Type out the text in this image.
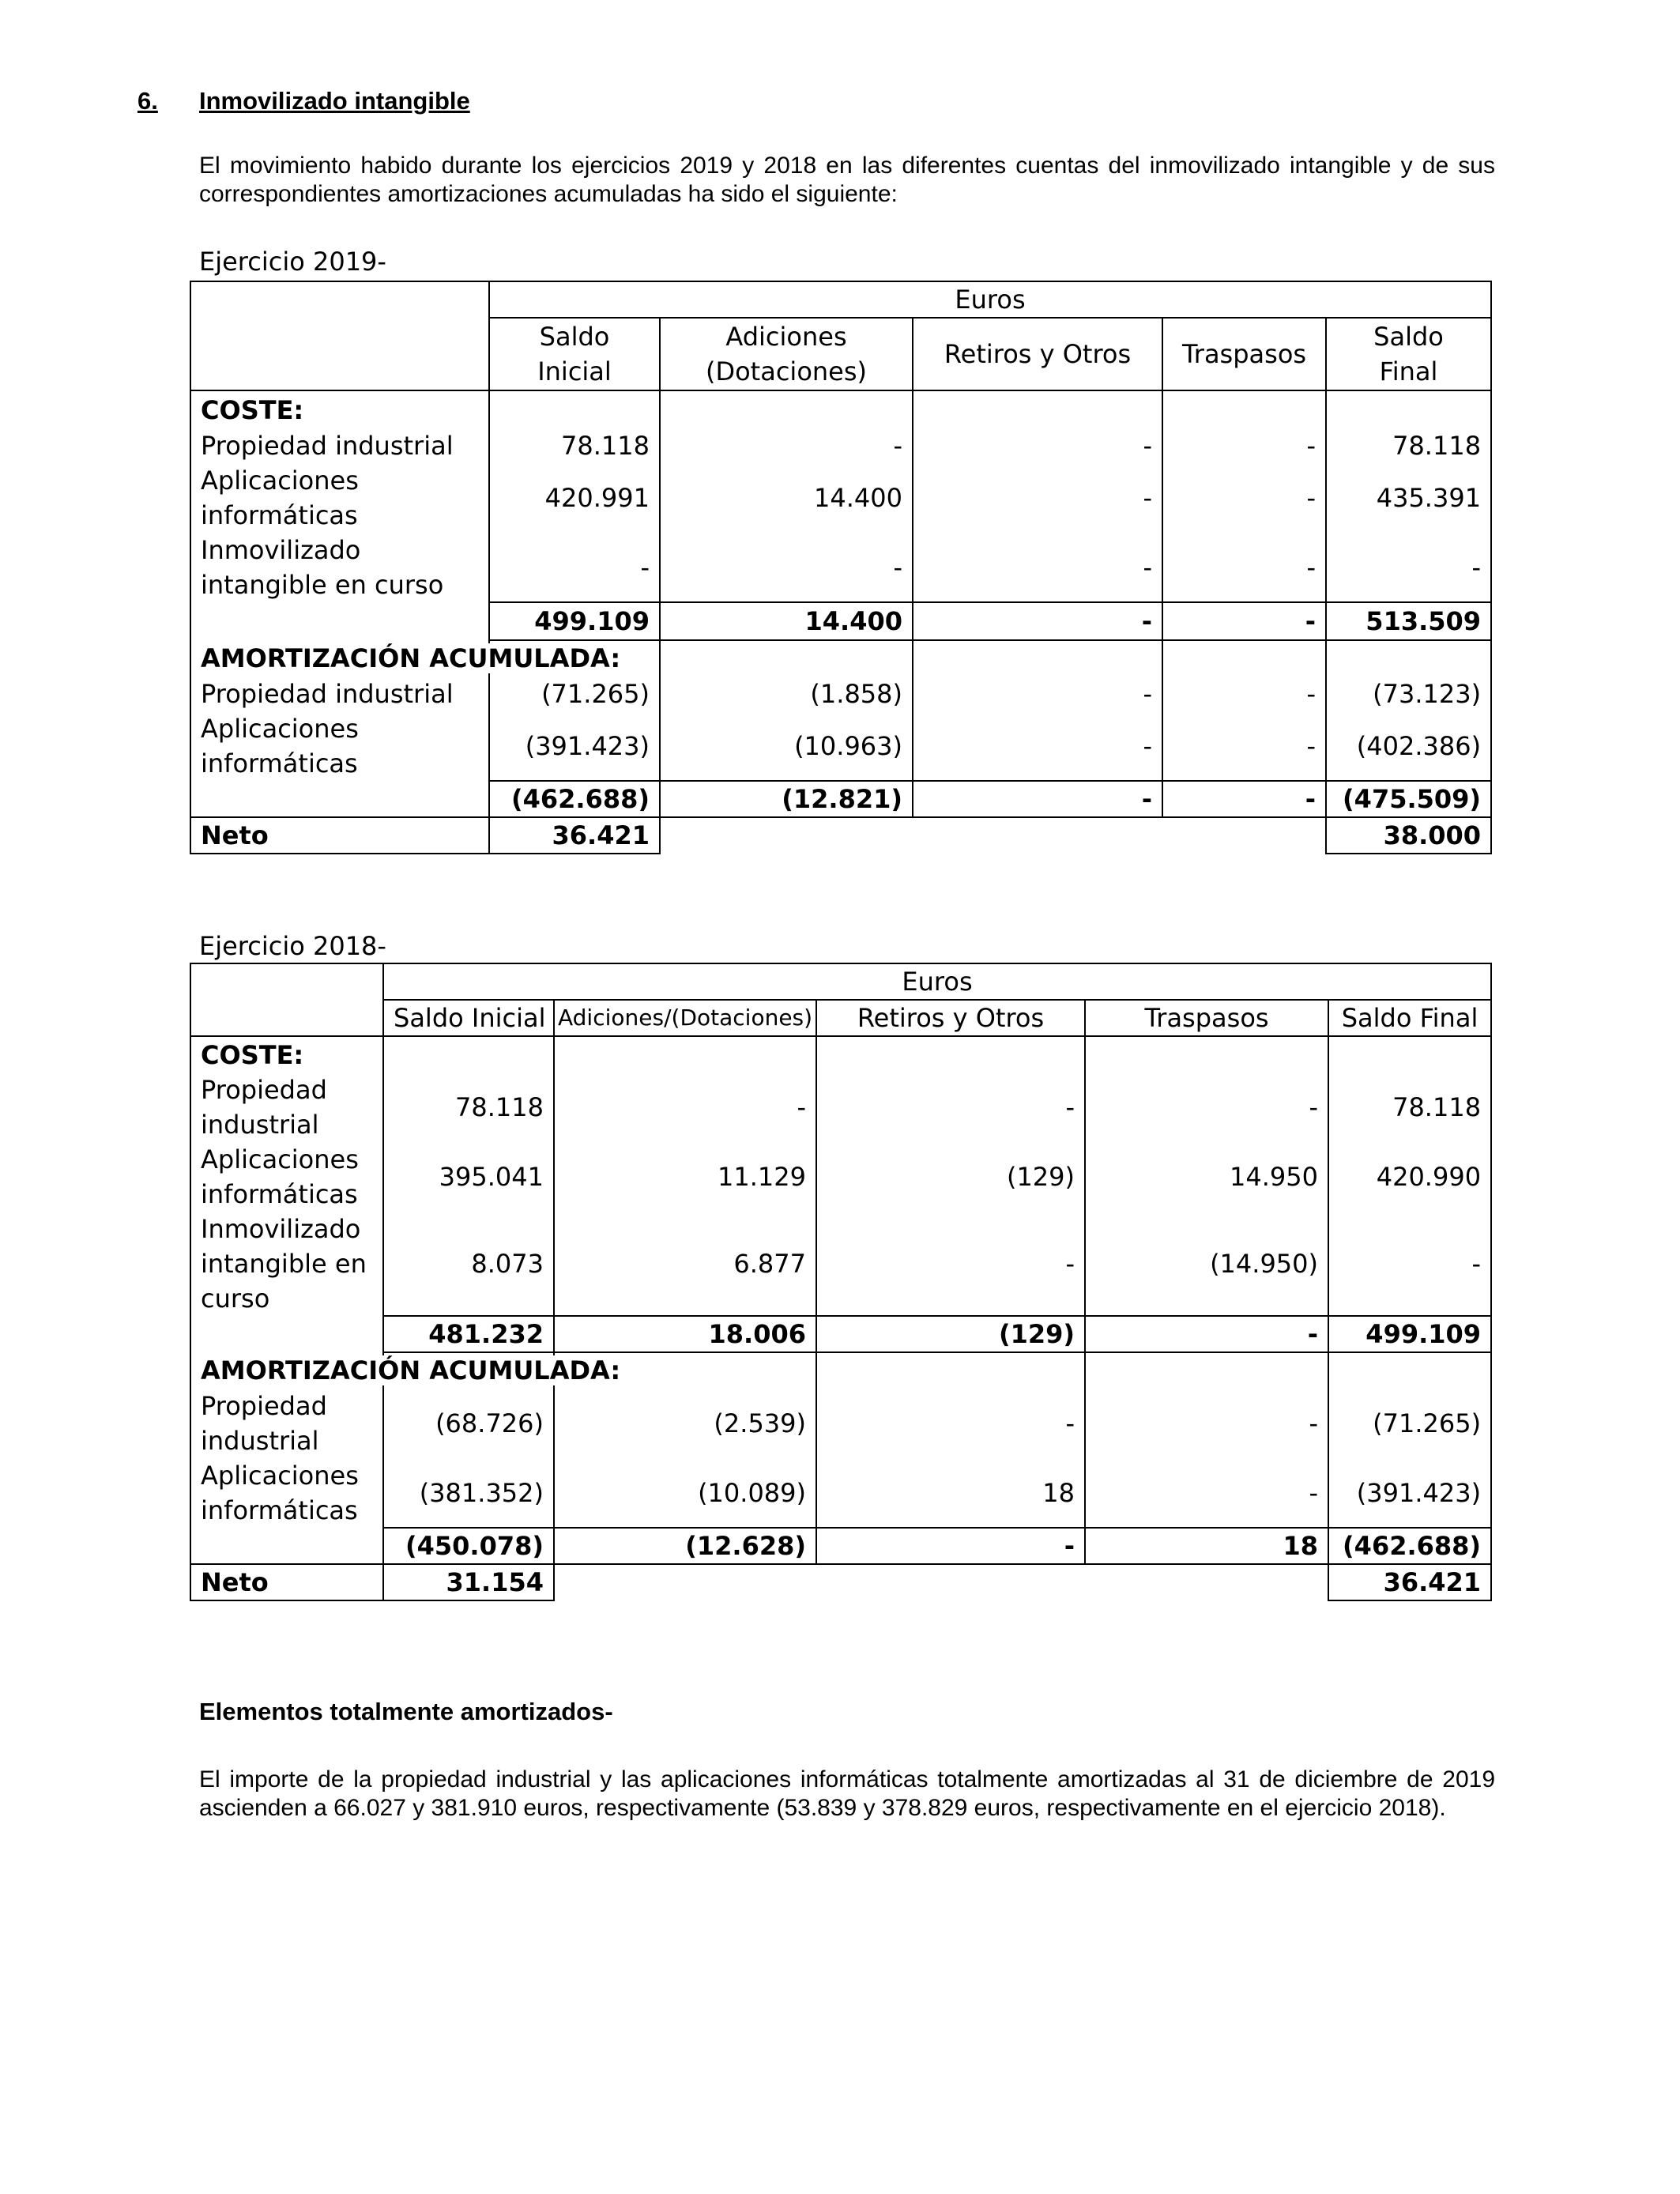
6. Inmovilizado intangible
El movimiento habido durante los ejercicios 2019 y 2018 en las diferentes cuentas del inmovilizado intangible y de sus correspondientes amortizaciones acumuladas ha sido el siguiente:
Ejercicio 2019-
	Euros				
	Saldo Inicial	Adiciones (Dotaciones)	Retiros y Otros	Traspasos	Saldo Final
COSTE:					
Propiedad industrial	78.118	-	-	-	78.118
Aplicaciones informáticas	420.991	14.400	-	-	435.391
Inmovilizado intangible en curso	-	-	-	-	-
	499.109	14.400	-	-	513.509
AMORTIZACIÓN ACUMULADA:					
Propiedad industrial	(71.265)	(1.858)	-	-	(73.123)
Aplicaciones informáticas	(391.423)	(10.963)	-	-	(402.386)
	(462.688)	(12.821)	-	-	(475.509)
Neto	36.421				38.000
Ejercicio 2018-
	Euros				
	Saldo Inicial	Adiciones/(Dotaciones)	Retiros y Otros	Traspasos	Saldo Final
COSTE:					
Propiedad industrial	78.118	-	-	-	78.118
Aplicaciones informáticas	395.041	11.129	(129)	14.950	420.990
Inmovilizado intangible en curso	8.073	6.877	-	(14.950)	-
	481.232	18.006	(129)	-	499.109
AMORTIZACIÓN ACUMULADA:					
Propiedad industrial	(68.726)	(2.539)	-	-	(71.265)
Aplicaciones informáticas	(381.352)	(10.089)	18	-	(391.423)
	(450.078)	(12.628)	-	18	(462.688)
Neto	31.154				36.421
Elementos totalmente amortizados-
El importe de la propiedad industrial y las aplicaciones informáticas totalmente amortizadas al 31 de diciembre de 2019 ascienden a 66.027 y 381.910 euros, respectivamente (53.839 y 378.829 euros, respectivamente en el ejercicio 2018).
